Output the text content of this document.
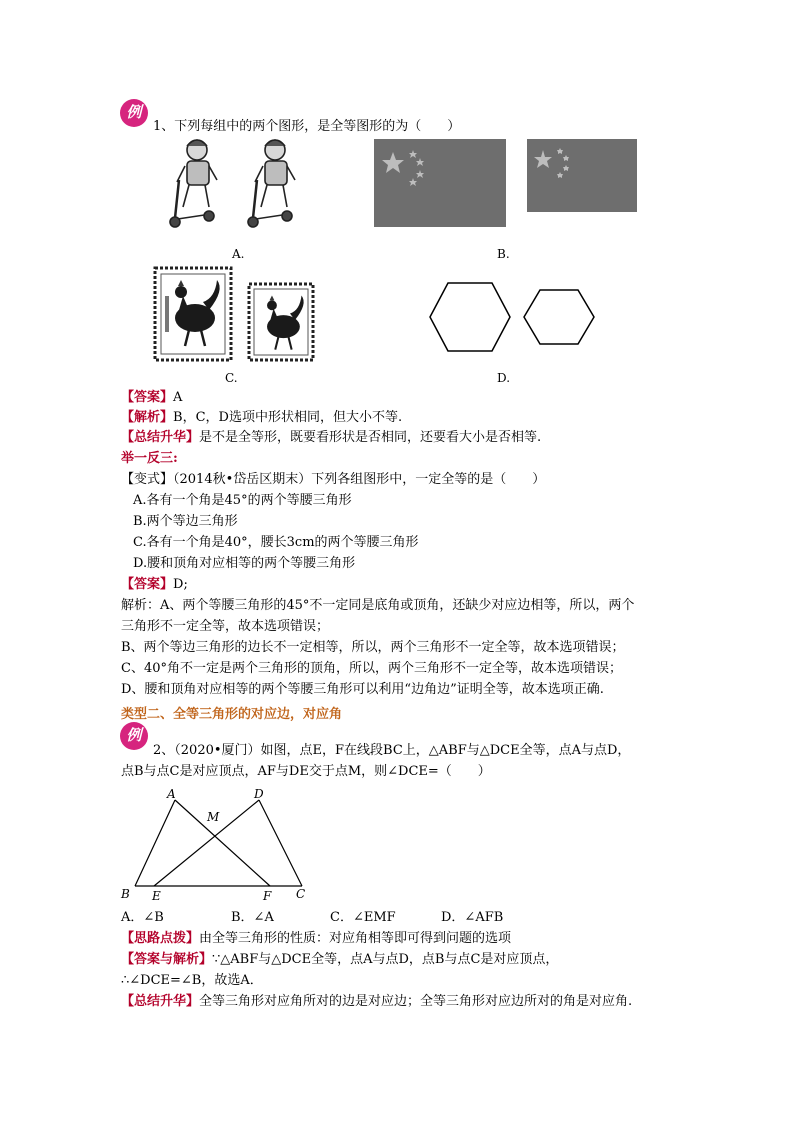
例
1、下列每组中的两个图形，是全等图形的为（　　）
A.	B.
C.	D.
【答案】A
【解析】B，C，D选项中形状相同，但大小不等.
【总结升华】是不是全等形，既要看形状是否相同，还要看大小是否相等.
举一反三:
【变式】（2014秋•岱岳区期末）下列各组图形中，一定全等的是（　　）
A.各有一个角是45°的两个等腰三角形
B.两个等边三角形
C.各有一个角是40°，腰长3cm的两个等腰三角形
D.腰和顶角对应相等的两个等腰三角形
【答案】D;
解析：A、两个等腰三角形的45°不一定同是底角或顶角，还缺少对应边相等，所以，两个
三角形不一定全等，故本选项错误；
B、两个等边三角形的边长不一定相等，所以，两个三角形不一定全等，故本选项错误；
C、40°角不一定是两个三角形的顶角，所以，两个三角形不一定全等，故本选项错误；
D、腰和顶角对应相等的两个等腰三角形可以利用“边角边”证明全等，故本选项正确.
类型二、全等三角形的对应边，对应角
例
2、（2020•厦门）如图，点E，F在线段BC上，△ABF与△DCE全等，点A与点D，
点B与点C是对应顶点，AF与DE交于点M，则∠DCE=（　　）
A	D
M
B E	F C
A．∠B	B．∠A	C．∠EMF	D．∠AFB
【思路点拨】由全等三角形的性质：对应角相等即可得到问题的选项
【答案与解析】∵△ABF与△DCE全等，点A与点D，点B与点C是对应顶点，
∴∠DCE=∠B，故选A．
【总结升华】全等三角形对应角所对的边是对应边；全等三角形对应边所对的角是对应角.
